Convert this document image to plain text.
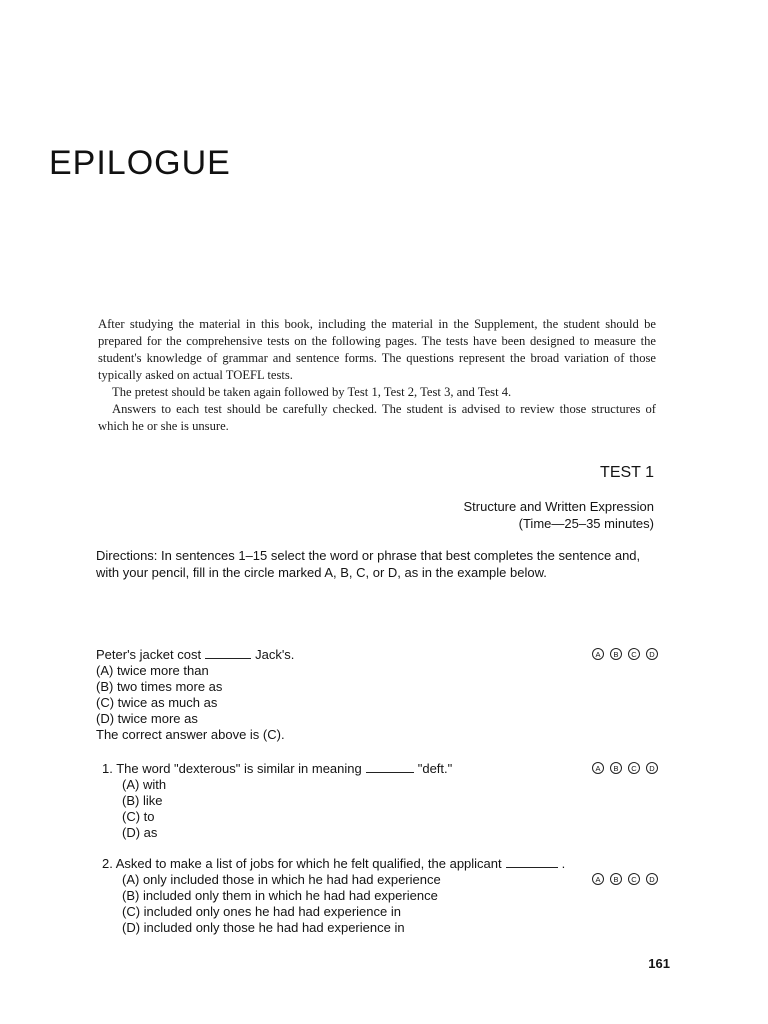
EPILOGUE

After studying the material in this book, including the material in the Supplement, the student should be prepared for the comprehensive tests on the following pages. The tests have been designed to measure the student's knowledge of grammar and sentence forms. The questions represent the broad variation of those typically asked on actual TOEFL tests.

The pretest should be taken again followed by Test 1, Test 2, Test 3, and Test 4.

Answers to each test should be carefully checked. The student is advised to review those structures of which he or she is unsure.

TEST 1
Structure and Written Expression
(Time—25–35 minutes)

Directions: In sentences 1–15 select the word or phrase that best completes the sentence and, with your pencil, fill in the circle marked A, B, C, or D, as in the example below.

Peter's jacket cost	Jack's.	A	B	C	D
(A) twice more than
(B) two times more as
(C) twice as much as
(D) twice more as
The correct answer above is (C).
1. The word "dexterous" is similar in meaning	"deft."	A	B	C	D
(A) with
(B) like
(C) to
(D) as
2. Asked to make a list of jobs for which he felt qualified, the applicant	.
(A) only included those in which he had had experience	A	B	C	D
(B) included only them in which he had had experience
(C) included only ones he had had experience in
(D) included only those he had had experience in
161
